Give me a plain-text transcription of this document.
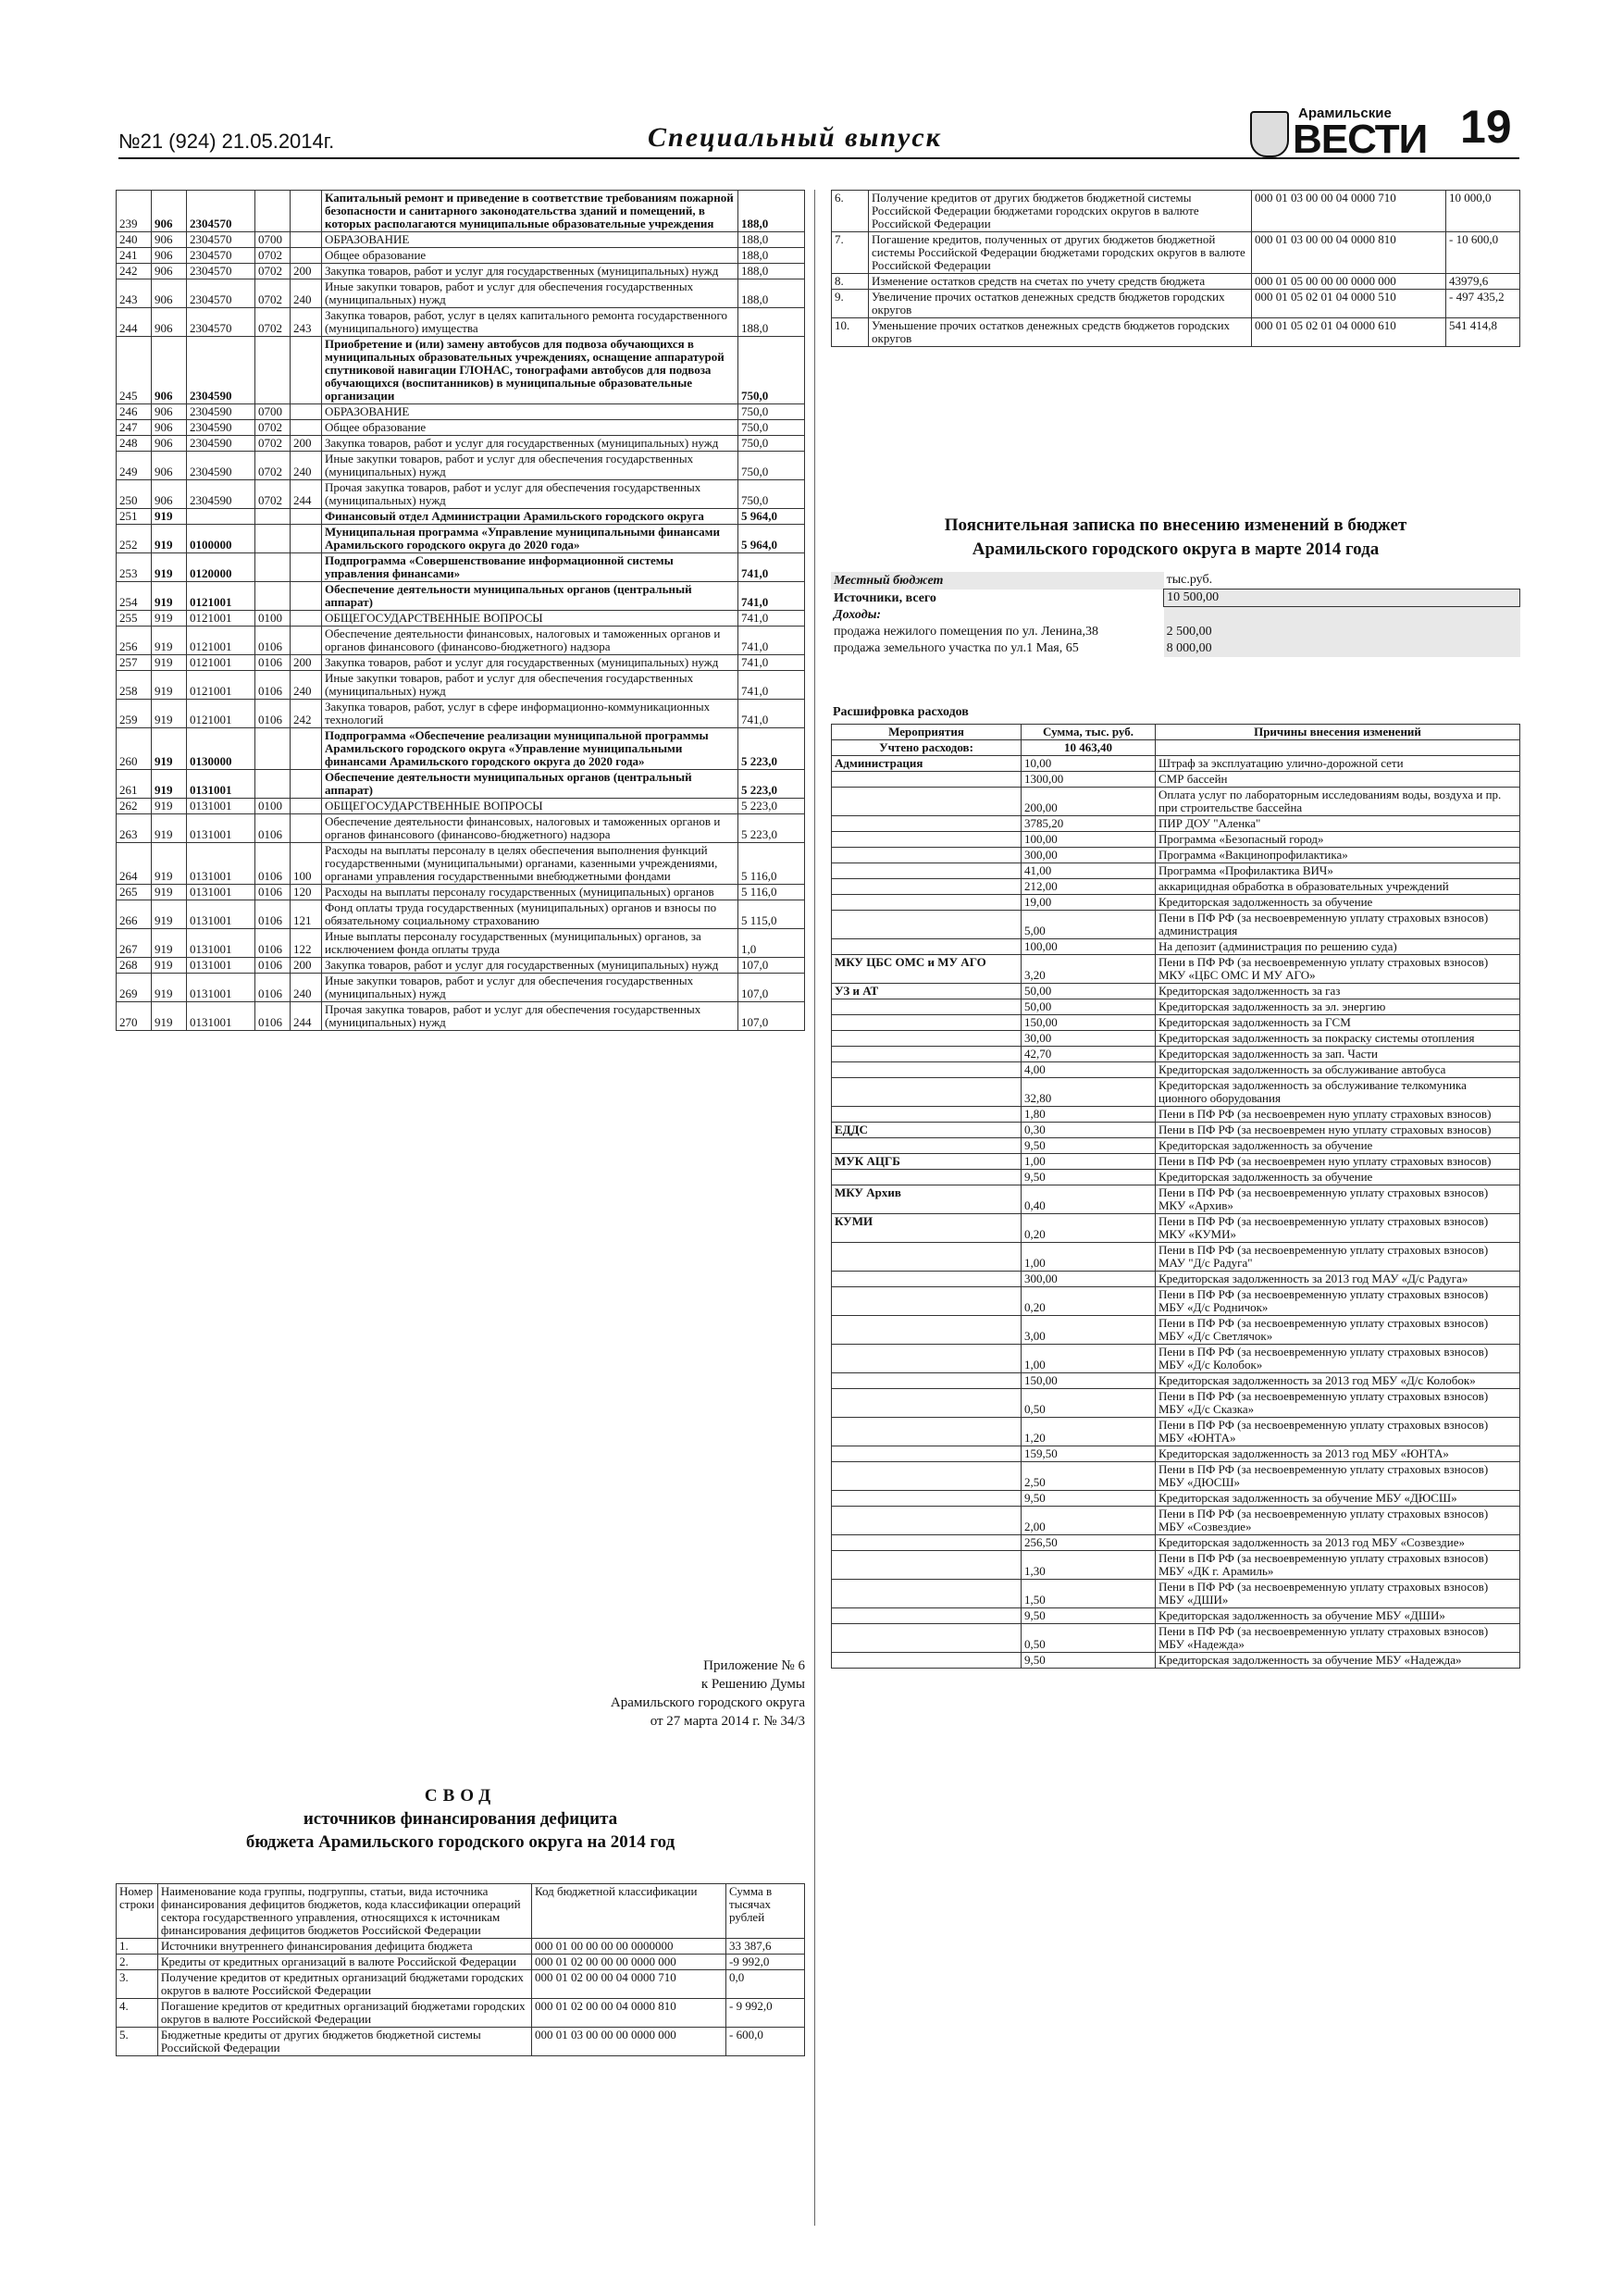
№21 (924) 21.05.2014г.	Специальный выпуск
Арамильские
ВЕСТИ 19
239	906	2304570			Капитальный ремонт и приведение в соответствие требованиям пожарной безопасности и санитарного законодательства зданий и помещений, в которых располагаются муниципальные образовательные учреждения	188,0
240	906	2304570	0700		ОБРАЗОВАНИЕ	188,0
241	906	2304570	0702		Общее образование	188,0
242	906	2304570	0702	200	Закупка товаров, работ и услуг для государственных (муниципальных) нужд	188,0
243	906	2304570	0702	240	Иные закупки товаров, работ и услуг для обеспечения государственных (муниципальных) нужд	188,0
244	906	2304570	0702	243	Закупка товаров, работ, услуг в целях капитального ремонта государственного (муниципального) имущества	188,0
245	906	2304590			Приобретение и (или) замену автобусов для подвоза обучающихся в муниципальных образовательных учреждениях, оснащение аппаратурой спутниковой навигации ГЛОНАС, тонографами автобусов для подвоза обучающихся (воспитанников) в муниципальные образовательные организации	750,0
246	906	2304590	0700		ОБРАЗОВАНИЕ	750,0
247	906	2304590	0702		Общее образование	750,0
248	906	2304590	0702	200	Закупка товаров, работ и услуг для государственных (муниципальных) нужд	750,0
249	906	2304590	0702	240	Иные закупки товаров, работ и услуг для обеспечения государственных (муниципальных) нужд	750,0
250	906	2304590	0702	244	Прочая закупка товаров, работ и услуг для обеспечения государственных (муниципальных) нужд	750,0
251	919				Финансовый отдел Администрации Арамильского городского округа	5 964,0
252	919	0100000			Муниципальная программа «Управление муниципальными финансами Арамильского городского округа до 2020 года»	5 964,0
253	919	0120000			Подпрограмма «Совершенствование информационной системы управления финансами»	741,0
254	919	0121001			Обеспечение деятельности муниципальных органов (центральный аппарат)	741,0
255	919	0121001	0100		ОБЩЕГОСУДАРСТВЕННЫЕ ВОПРОСЫ	741,0
256	919	0121001	0106		Обеспечение деятельности финансовых, налоговых и таможенных органов и органов финансового (финансово-бюджетного) надзора	741,0
257	919	0121001	0106	200	Закупка товаров, работ и услуг для государственных (муниципальных) нужд	741,0
258	919	0121001	0106	240	Иные закупки товаров, работ и услуг для обеспечения государственных (муниципальных) нужд	741,0
259	919	0121001	0106	242	Закупка товаров, работ, услуг в сфере информационно-коммуникационных технологий	741,0
260	919	0130000			Подпрограмма «Обеспечение реализации муниципальной программы Арамильского городского округа «Управление муниципальными финансами Арамильского городского округа до 2020 года»	5 223,0
261	919	0131001			Обеспечение деятельности муниципальных органов (центральный аппарат)	5 223,0
262	919	0131001	0100		ОБЩЕГОСУДАРСТВЕННЫЕ ВОПРОСЫ	5 223,0
263	919	0131001	0106		Обеспечение деятельности финансовых, налоговых и таможенных органов и органов финансового (финансово-бюджетного) надзора	5 223,0
264	919	0131001	0106	100	Расходы на выплаты персоналу в целях обеспечения выполнения функций государственными (муниципальными) органами, казенными учреждениями, органами управления государственными внебюджетными фондами	5 116,0
265	919	0131001	0106	120	Расходы на выплаты персоналу государственных (муниципальных) органов	5 116,0
266	919	0131001	0106	121	Фонд оплаты труда государственных (муниципальных) органов и взносы по обязательному социальному страхованию	5 115,0
267	919	0131001	0106	122	Иные выплаты персоналу государственных (муниципальных) органов, за исключением фонда оплаты труда	1,0
268	919	0131001	0106	200	Закупка товаров, работ и услуг для государственных (муниципальных) нужд	107,0
269	919	0131001	0106	240	Иные закупки товаров, работ и услуг для обеспечения государственных (муниципальных) нужд	107,0
270	919	0131001	0106	244	Прочая закупка товаров, работ и услуг для обеспечения государственных (муниципальных) нужд	107,0
6.	Получение кредитов от других бюджетов бюджетной системы Российской Федерации бюджетами городских округов в валюте Российской Федерации	000 01 03 00 00 04 0000 710	10 000,0
7.	Погашение кредитов, полученных от других бюджетов бюджетной системы Российской Федерации бюджетами городских округов в валюте Российской Федерации	000 01 03 00 00 04 0000 810	- 10 600,0
8.	Изменение остатков средств на счетах по учету средств бюджета	000 01 05 00 00 00 0000 000	43979,6
9.	Увеличение прочих остатков денежных средств бюджетов городских округов	000 01 05 02 01 04 0000 510	- 497 435,2
10.	Уменьшение прочих остатков денежных средств бюджетов городских округов	000 01 05 02 01 04 0000 610	541 414,8
Пояснительная записка по внесению изменений в бюджет
Арамильского городского округа в марте 2014 года
Местный бюджет	тыс.руб.
Источники, всего	10 500,00
Доходы:	
продажа нежилого помещения по ул. Ленина,38	2 500,00
продажа земельного участка по ул.1 Мая, 65	8 000,00
Расшифровка расходов
Мероприятия	Сумма, тыс. руб.	Причины внесения изменений
Учтено расходов:	10 463,40	
Администрация	10,00	Штраф за эксплуатацию улично-дорожной сети
	1300,00	СМР бассейн
	200,00	Оплата услуг по лабораторным исследованиям воды, воздуха и пр. при строительстве бассейна
	3785,20	ПИР ДОУ "Аленка"
	100,00	Программа «Безопасный город»
	300,00	Программа «Вакцинопрофилактика»
	41,00	Программа «Профилактика ВИЧ»
	212,00	аккарицидная обработка в образовательных учреждений
	19,00	Кредиторская задолженность за обучение
	5,00	Пени в ПФ РФ (за несвоевременную уплату страховых взносов) администрация
	100,00	На депозит (администрация по решению суда)
МКУ ЦБС ОМС и МУ АГО	3,20	Пени в ПФ РФ (за несвоевременную уплату страховых взносов) МКУ «ЦБС ОМС И МУ АГО»
УЗ и АТ	50,00	Кредиторская задолженность за газ
	50,00	Кредиторская задолженность за эл. энергию
	150,00	Кредиторская задолженность за ГСМ
	30,00	Кредиторская задолженность за покраску системы отопления
	42,70	Кредиторская задолженность за зап. Части
	4,00	Кредиторская задолженность за обслуживание автобуса
	32,80	Кредиторская задолженность за обслуживание телкомуника ционного оборудования
	1,80	Пени в ПФ РФ (за несвоевремен ную уплату страховых взносов)
ЕДДС	0,30	Пени в ПФ РФ (за несвоевремен ную уплату страховых взносов)
	9,50	Кредиторская задолженность за обучение
МУК АЦГБ	1,00	Пени в ПФ РФ (за несвоевремен ную уплату страховых взносов)
	9,50	Кредиторская задолженность за обучение
МКУ Архив	0,40	Пени в ПФ РФ (за несвоевременную уплату страховых взносов) МКУ «Архив»
КУМИ	0,20	Пени в ПФ РФ (за несвоевременную уплату страховых взносов) МКУ «КУМИ»
	1,00	Пени в ПФ РФ (за несвоевременную уплату страховых взносов) МАУ "Д/с Радуга"
	300,00	Кредиторская задолженность за 2013 год МАУ «Д/с Радуга»
	0,20	Пени в ПФ РФ (за несвоевременную уплату страховых взносов) МБУ «Д/с Родничок»
	3,00	Пени в ПФ РФ (за несвоевременную уплату страховых взносов) МБУ «Д/с Светлячок»
	1,00	Пени в ПФ РФ (за несвоевременную уплату страховых взносов) МБУ «Д/с Колобок»
	150,00	Кредиторская задолженность за 2013 год МБУ «Д/с Колобок»
	0,50	Пени в ПФ РФ (за несвоевременную уплату страховых взносов) МБУ «Д/с Сказка»
	1,20	Пени в ПФ РФ (за несвоевременную уплату страховых взносов) МБУ «ЮНТА»
	159,50	Кредиторская задолженность за 2013 год МБУ «ЮНТА»
	2,50	Пени в ПФ РФ (за несвоевременную уплату страховых взносов) МБУ «ДЮСШ»
	9,50	Кредиторская задолженность за обучение МБУ «ДЮСШ»
	2,00	Пени в ПФ РФ (за несвоевременную уплату страховых взносов) МБУ «Созвездие»
	256,50	Кредиторская задолженность за 2013 год МБУ «Созвездие»
	1,30	Пени в ПФ РФ (за несвоевременную уплату страховых взносов) МБУ «ДК г. Арамиль»
	1,50	Пени в ПФ РФ (за несвоевременную уплату страховых взносов) МБУ «ДШИ»
	9,50	Кредиторская задолженность за обучение МБУ «ДШИ»
	0,50	Пени в ПФ РФ (за несвоевременную уплату страховых взносов) МБУ «Надежда»
	9,50	Кредиторская задолженность за обучение МБУ «Надежда»
Приложение № 6
к Решению Думы
Арамильского городского округа
от 27 марта 2014 г. № 34/3
СВОД
источников финансирования дефицита
бюджета Арамильского городского округа на 2014 год
Номер строки	Наименование кода группы, подгруппы, статьи, вида источника финансирования дефицитов бюджетов, кода классификации операций сектора государственного управления, относящихся к источникам финансирования дефицитов бюджетов Российской Федерации	Код бюджетной классификации	Сумма в тысячах рублей
1.	Источники внутреннего финансирования дефицита бюджета	000 01 00 00 00 00 0000000	33 387,6
2.	Кредиты от кредитных организаций в валюте Российской Федерации	000 01 02 00 00 00 0000 000	-9 992,0
3.	Получение кредитов от кредитных организаций бюджетами городских округов в валюте Российской Федерации	000 01 02 00 00 04 0000 710	0,0
4.	Погашение кредитов от кредитных организаций бюджетами городских округов в валюте Российской Федерации	000 01 02 00 00 04 0000 810	- 9 992,0
5.	Бюджетные кредиты от других бюджетов бюджетной системы Российской Федерации	000 01 03 00 00 00 0000 000	- 600,0
